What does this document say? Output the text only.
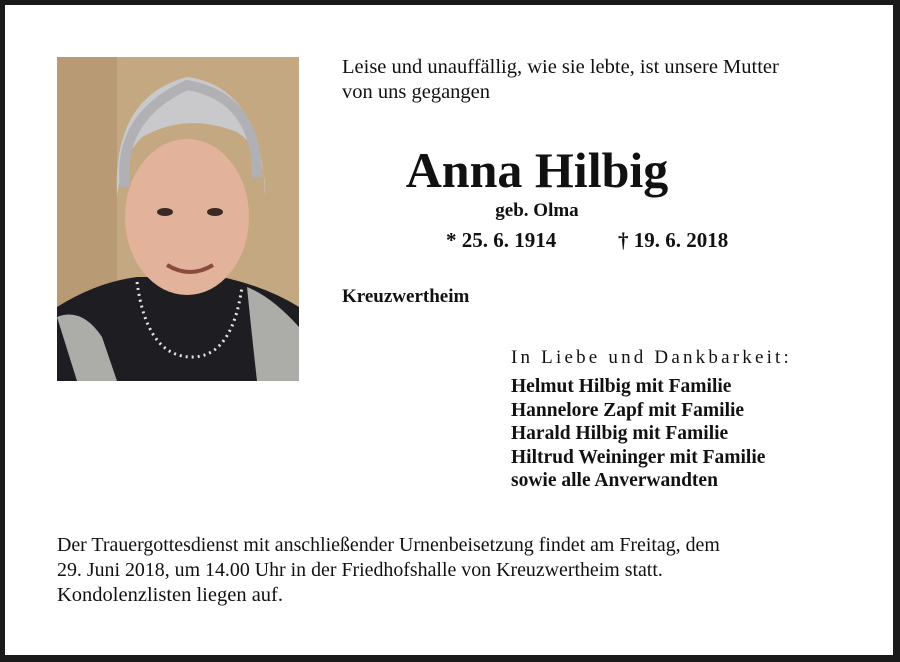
Leise und unauffällig, wie sie lebte, ist unsere Mutter
von uns gegangen
Anna Hilbig
geb. Olma
* 25. 6. 1914	† 19. 6. 2018
Kreuzwertheim
In Liebe und Dankbarkeit:
Helmut Hilbig mit Familie
Hannelore Zapf mit Familie
Harald Hilbig mit Familie
Hiltrud Weininger mit Familie
sowie alle Anverwandten
Der Trauergottesdienst mit anschließender Urnenbeisetzung findet am Freitag, dem
29. Juni 2018, um 14.00 Uhr in der Friedhofshalle von Kreuzwertheim statt.
Kondolenzlisten liegen auf.
